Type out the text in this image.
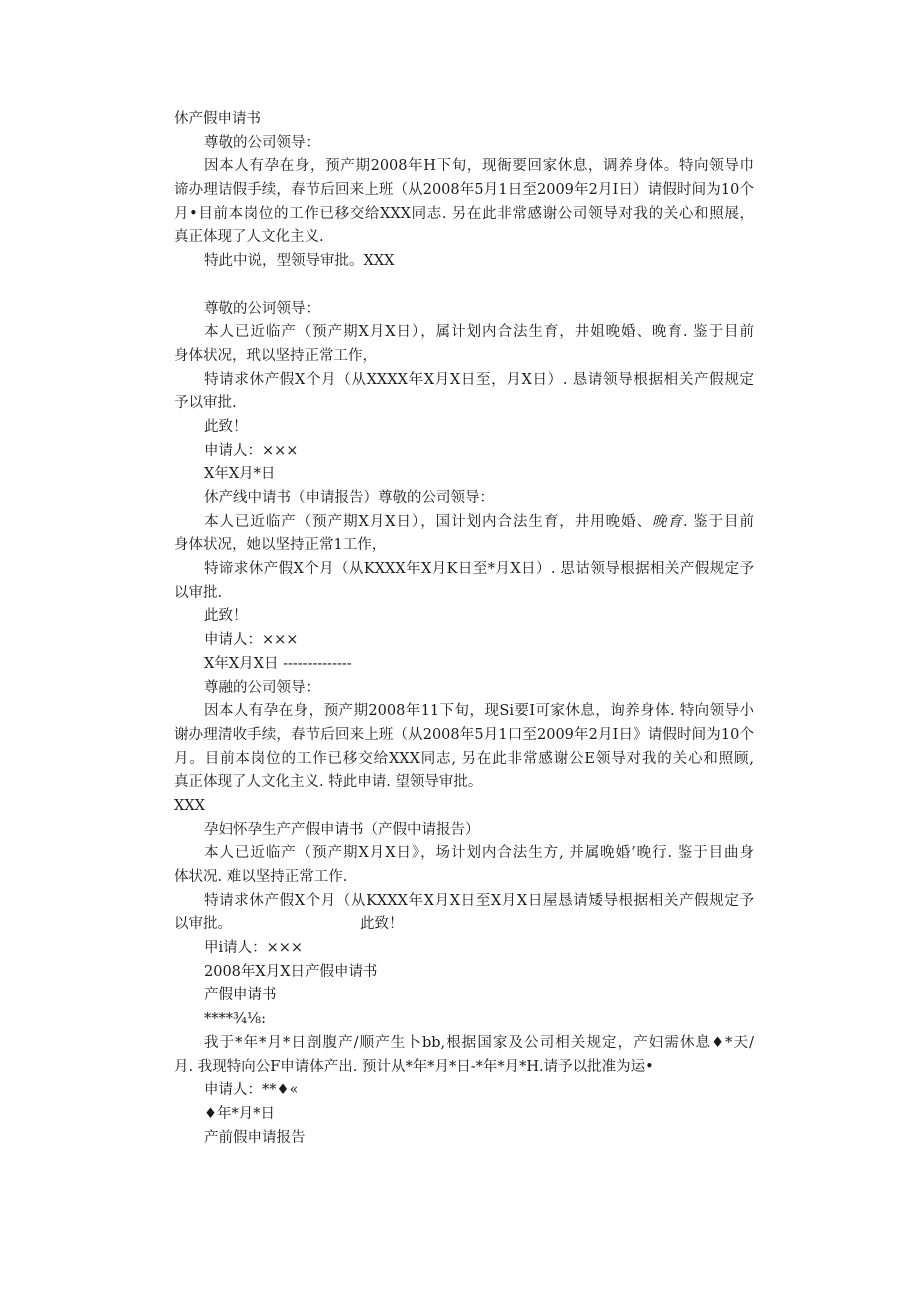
休产假申请书
尊敬的公司领导：
因本人有孕在身，预产期2008年H下旬，现衙要回家休息，调养身体。特向领导巾
谛办理诘假手续，春节后回来上班（从2008年5月1日至2009年2月I日）请假时间为10个
月•目前本岗位的工作已移交给XXX同志. 另在此非常感谢公司领导对我的关心和照展，
真正体现了人文化主义.
特此中说，型领导审批。XXX
尊敬的公诃领导：
本人已近临产（预产期X月X日），属计划内合法生育，井姐晚婚、晚育. 鉴于目前
身体状况，玳以坚持正常工作，
特请求休产假X个月（从XXXX年X月X日至，月X日）. 恳请领导根据相关产假规定
予以审批.
此致！
申请人：×××
X年X月*日
休产线中请书（申请报告）尊敬的公司领导：
本人已近临产（预产期X月X日），国计划内合法生育，井用晚婚、晚育. 鉴于目前
身体状况，她以坚持正常1工作，
特谛求休产假X个月（从KXXX年X月K日至*月X日）. 思诂领导根据相关产假规定予
以审批.
此致！
申请人：×××
X年X月X日 --------------
尊融的公司领导：
因本人有孕在身，预产期2008年11下旬，现Si要I可家休息，询养身体. 特向领导小
谢办理清收手续，春节后回来上班（从2008年5月1口至2009年2月I日》请假时间为10个
月。目前本岗位的工作已移交给XXX同志, 另在此非常感谢公E领导对我的关心和照顾,
真正体现了人文化主义. 特此申请. 望领导审批。
XXX
孕妇怀孕生产产假申请书（产假中请报告）
本人已近临产（预产期X月X日》，场计划内合法生方, 并属晚婚’晚行. 鉴于目曲身
体状况. 难以坚持正常工作.
特请求休产假X个月（从KXXX年X月X日至X月X日屋恳请矮导根据相关产假规定予
以审批。	此致！
甲i请人：×××
2008年X月X日产假申请书
产假申请书
****¾⅛:
我于*年*月*日剖腹产/顺产生卜bb,根据国家及公司相关规定，产妇需休息♦*天/
月. 我现特向公F申请体产出. 预计从*年*月*日-*年*月*H.请予以批准为运•
申请人：**♦«
♦年*月*日
产前假申请报告
